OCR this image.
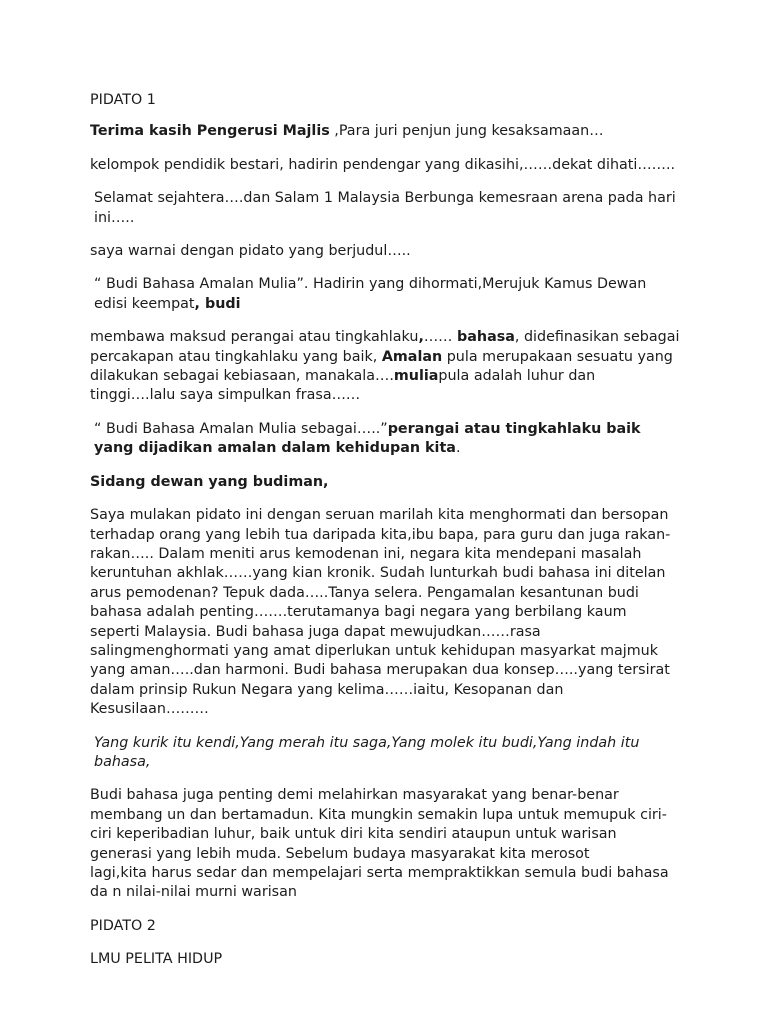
PIDATO 1

Terima kasih Pengerusi Majlis ,Para juri penjun jung kesaksamaan…

kelompok pendidik bestari, hadirin pendengar yang dikasihi,……dekat dihati……..

Selamat sejahtera….dan Salam 1 Malaysia Berbunga kemesraan arena pada hari ini…..

saya warnai dengan pidato yang berjudul…..

“ Budi Bahasa Amalan Mulia”. Hadirin yang dihormati,Merujuk Kamus Dewan edisi keempat, budi

membawa maksud perangai atau tingkahlaku,…… bahasa, didefinasikan sebagai percakapan atau tingkahlaku yang baik, Amalan pula merupakaan sesuatu yang dilakukan sebagai kebiasaan, manakala….muliapula adalah luhur dan tinggi….lalu saya simpulkan frasa……

“ Budi Bahasa Amalan Mulia sebagai…..”perangai atau tingkahlaku baik yang dijadikan amalan dalam kehidupan kita.

Sidang dewan yang budiman,

Saya mulakan pidato ini dengan seruan marilah kita menghormati dan bersopan terhadap orang yang lebih tua daripada kita,ibu bapa, para guru dan juga rakan-rakan….. Dalam meniti arus kemodenan ini, negara kita mendepani masalah keruntuhan akhlak……yang kian kronik. Sudah lunturkah budi bahasa ini ditelan arus pemodenan? Tepuk dada…..Tanya selera. Pengamalan kesantunan budi bahasa adalah penting…….terutamanya bagi negara yang berbilang kaum seperti Malaysia. Budi bahasa juga dapat mewujudkan……rasa salingmenghormati yang amat diperlukan untuk kehidupan masyarkat majmuk yang aman…..dan harmoni. Budi bahasa merupakan dua konsep…..yang tersirat dalam prinsip Rukun Negara yang kelima……iaitu, Kesopanan dan Kesusilaan………

Yang kurik itu kendi,Yang merah itu saga,Yang molek itu budi,Yang indah itu bahasa,

Budi bahasa juga penting demi melahirkan masyarakat yang benar-benar membang un dan bertamadun. Kita mungkin semakin lupa untuk memupuk ciri-ciri keperibadian luhur, baik untuk diri kita sendiri ataupun untuk warisan generasi yang lebih muda. Sebelum budaya masyarakat kita merosot
lagi,kita harus sedar dan mempelajari serta mempraktikkan semula budi bahasa da n nilai-nilai murni warisan

PIDATO 2

LMU PELITA HIDUP
